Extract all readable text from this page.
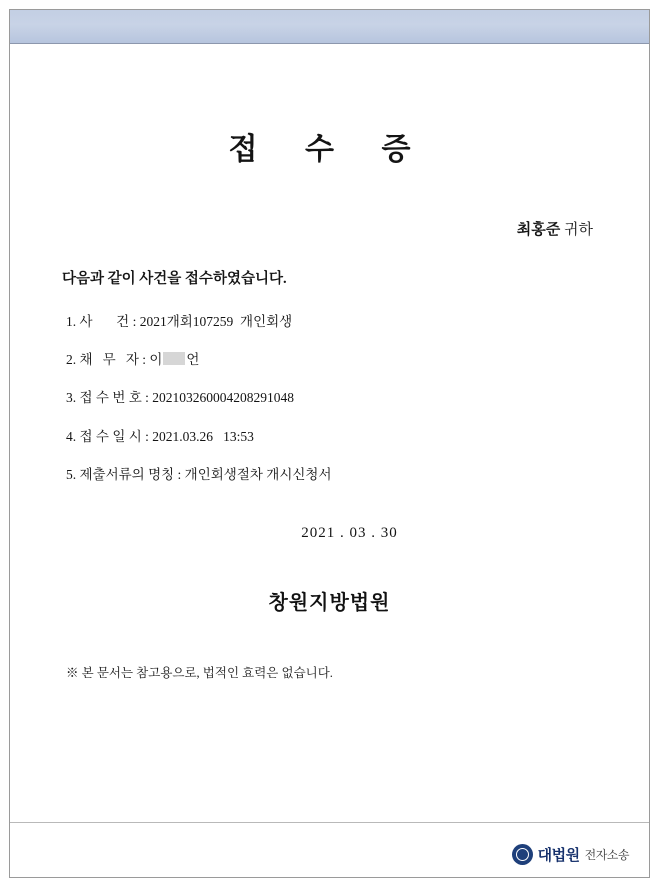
접 수 증
최홍준 귀하
다음과 같이 사건을 접수하였습니다.
1. 사       건 : 2021개회107259  개인회생
2. 채   무   자 : 이 언
3. 접 수 번 호 : 202103260004208291048
4. 접 수 일 시 : 2021.03.26   13:53
5. 제출서류의 명칭 : 개인회생절차 개시신청서
2021 . 03 . 30
창원지방법원
※ 본 문서는 참고용으로, 법적인 효력은 없습니다.
대법원 전자소송
